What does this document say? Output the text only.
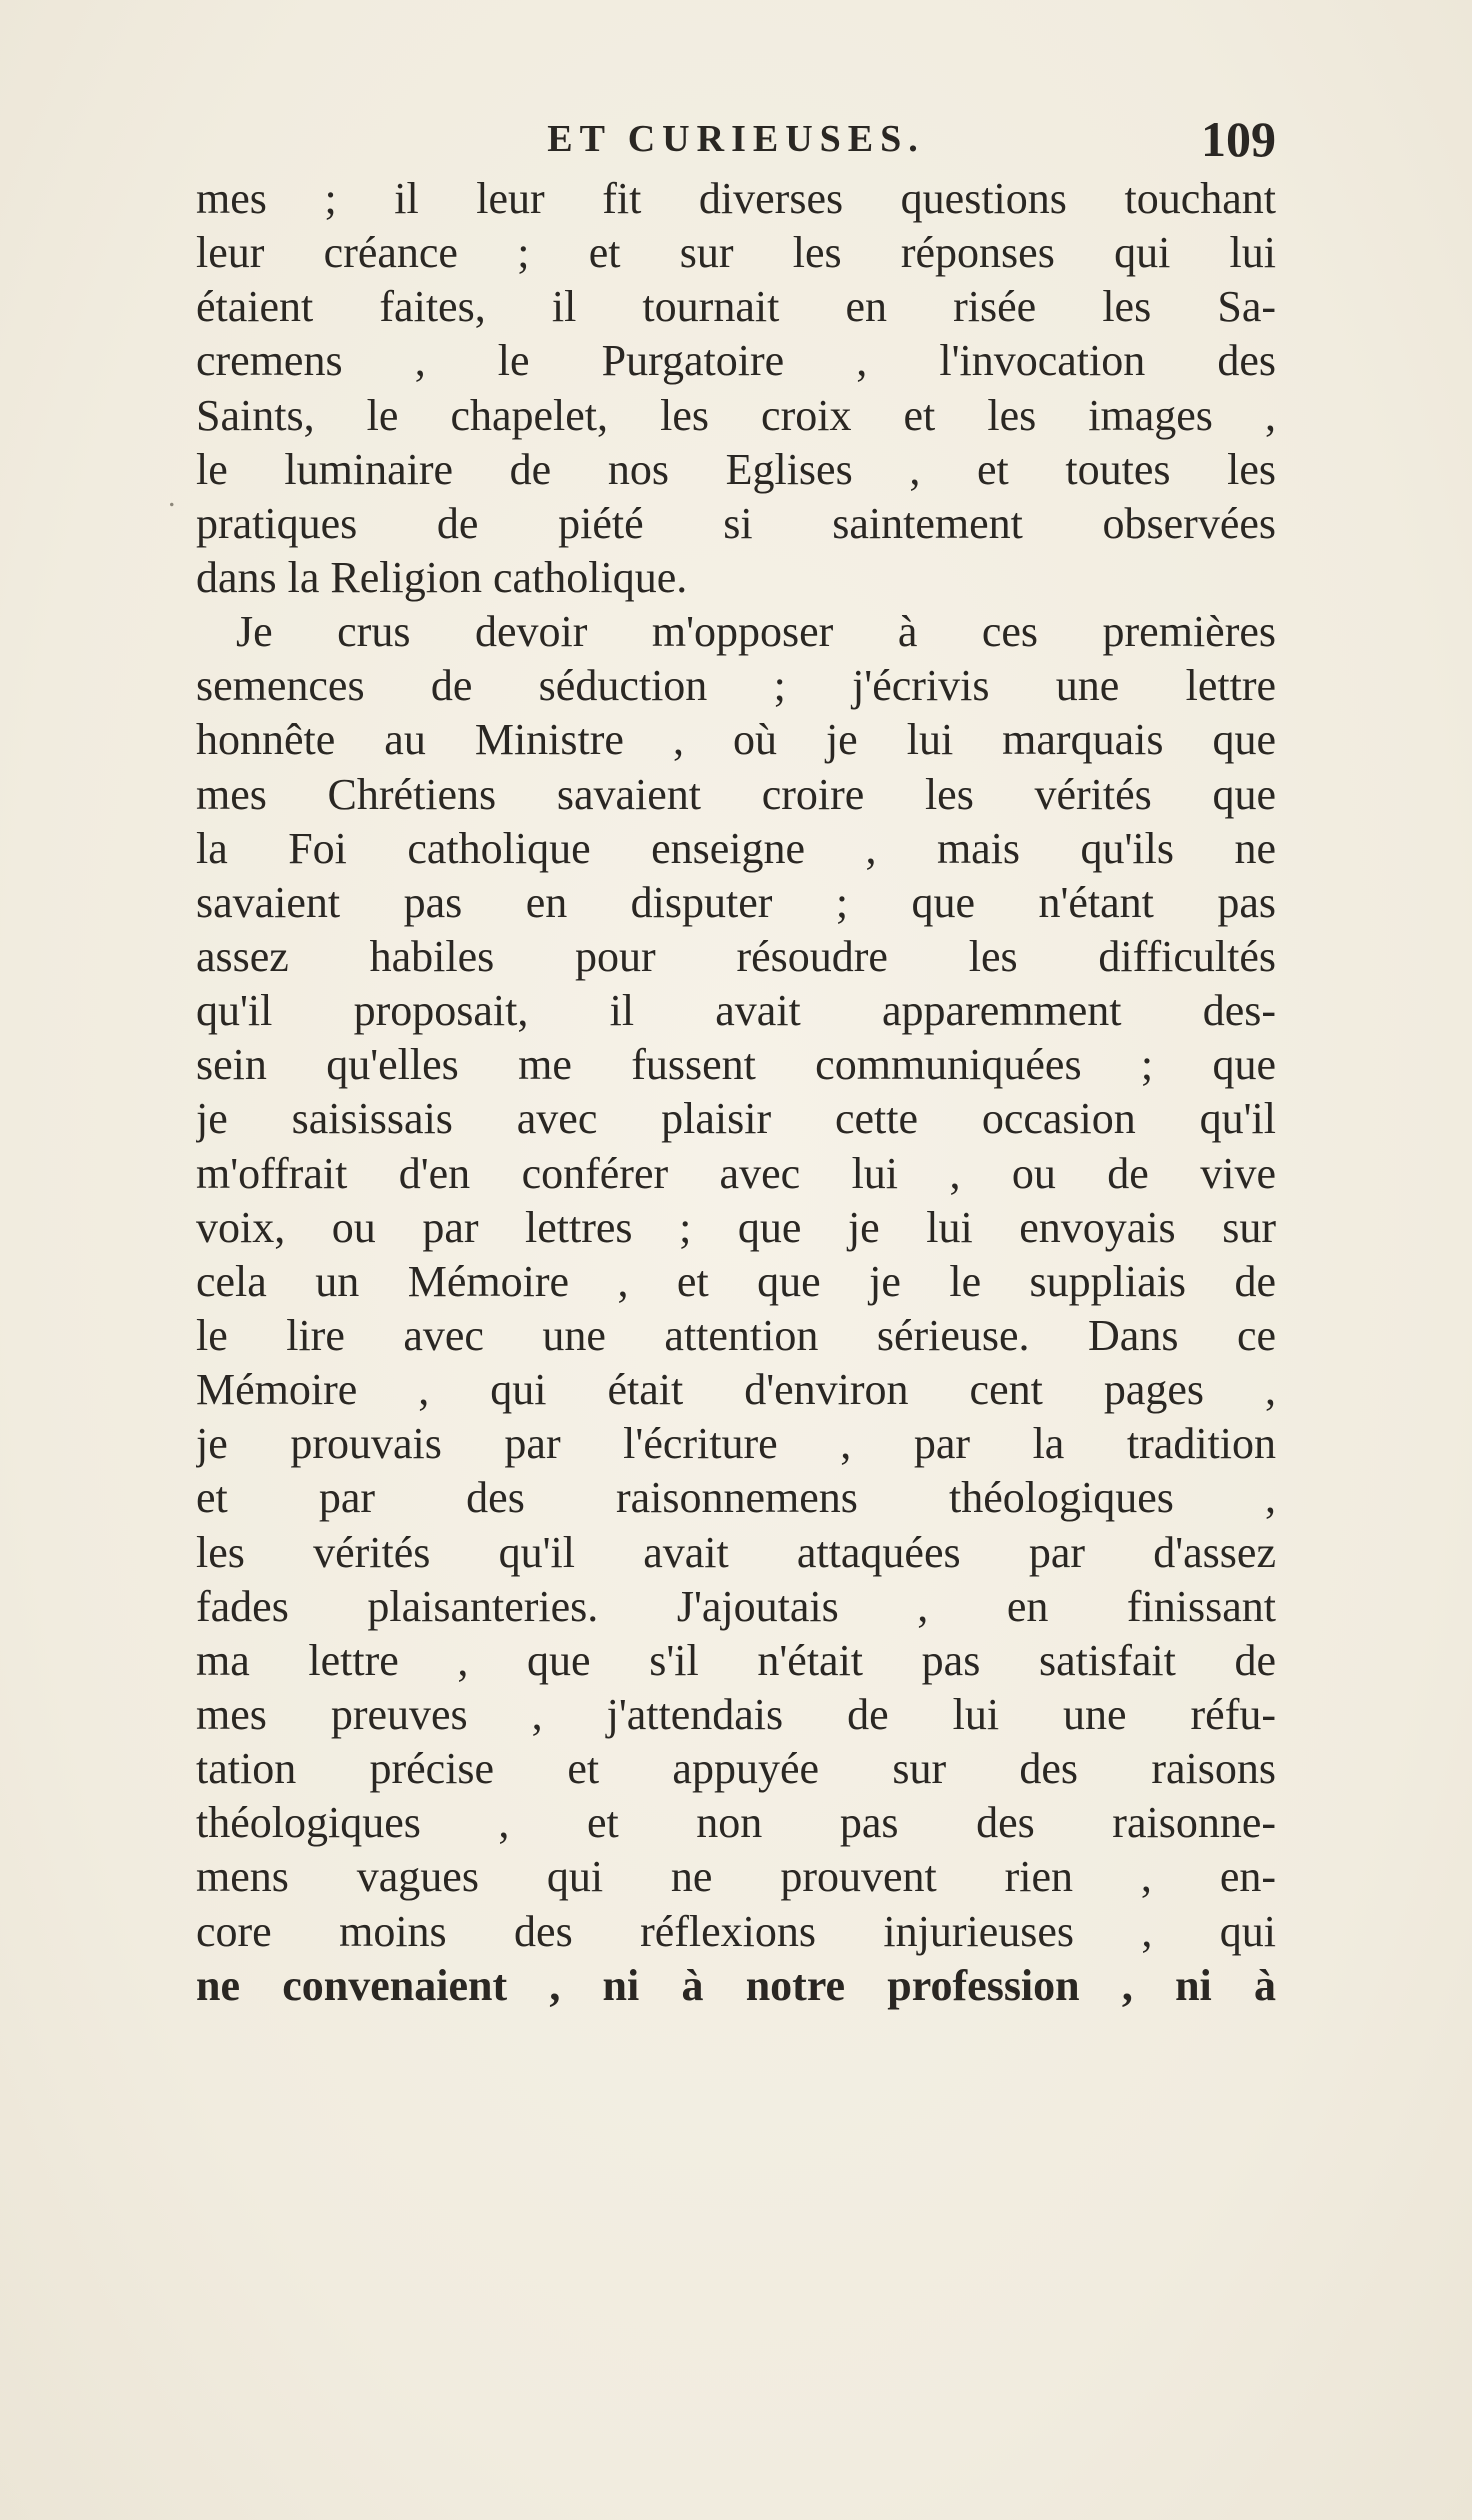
ET CURIEUSES.	109
.
mes ; il leur fit diverses questions touchant
leur créance ; et sur les réponses qui lui
étaient faites, il tournait en risée les Sa-
cremens , le Purgatoire , l'invocation des
Saints, le chapelet, les croix et les images ,
le luminaire de nos Eglises , et toutes les
pratiques de piété si saintement observées
dans la Religion catholique.
Je crus devoir m'opposer à ces premières
semences de séduction ; j'écrivis une lettre
honnête au Ministre , où je lui marquais que
mes Chrétiens savaient croire les vérités que
la Foi catholique enseigne , mais qu'ils ne
savaient pas en disputer ; que n'étant pas
assez habiles pour résoudre les difficultés
qu'il proposait, il avait apparemment des-
sein qu'elles me fussent communiquées ; que
je saisissais avec plaisir cette occasion qu'il
m'offrait d'en conférer avec lui , ou de vive
voix, ou par lettres ; que je lui envoyais sur
cela un Mémoire , et que je le suppliais de
le lire avec une attention sérieuse. Dans ce
Mémoire , qui était d'environ cent pages ,
je prouvais par l'écriture , par la tradition
et par des raisonnemens théologiques ,
les vérités qu'il avait attaquées par d'assez
fades plaisanteries. J'ajoutais , en finissant
ma lettre , que s'il n'était pas satisfait de
mes preuves , j'attendais de lui une réfu-
tation précise et appuyée sur des raisons
théologiques , et non pas des raisonne-
mens vagues qui ne prouvent rien , en-
core moins des réflexions injurieuses , qui
ne convenaient , ni à notre profession , ni à
